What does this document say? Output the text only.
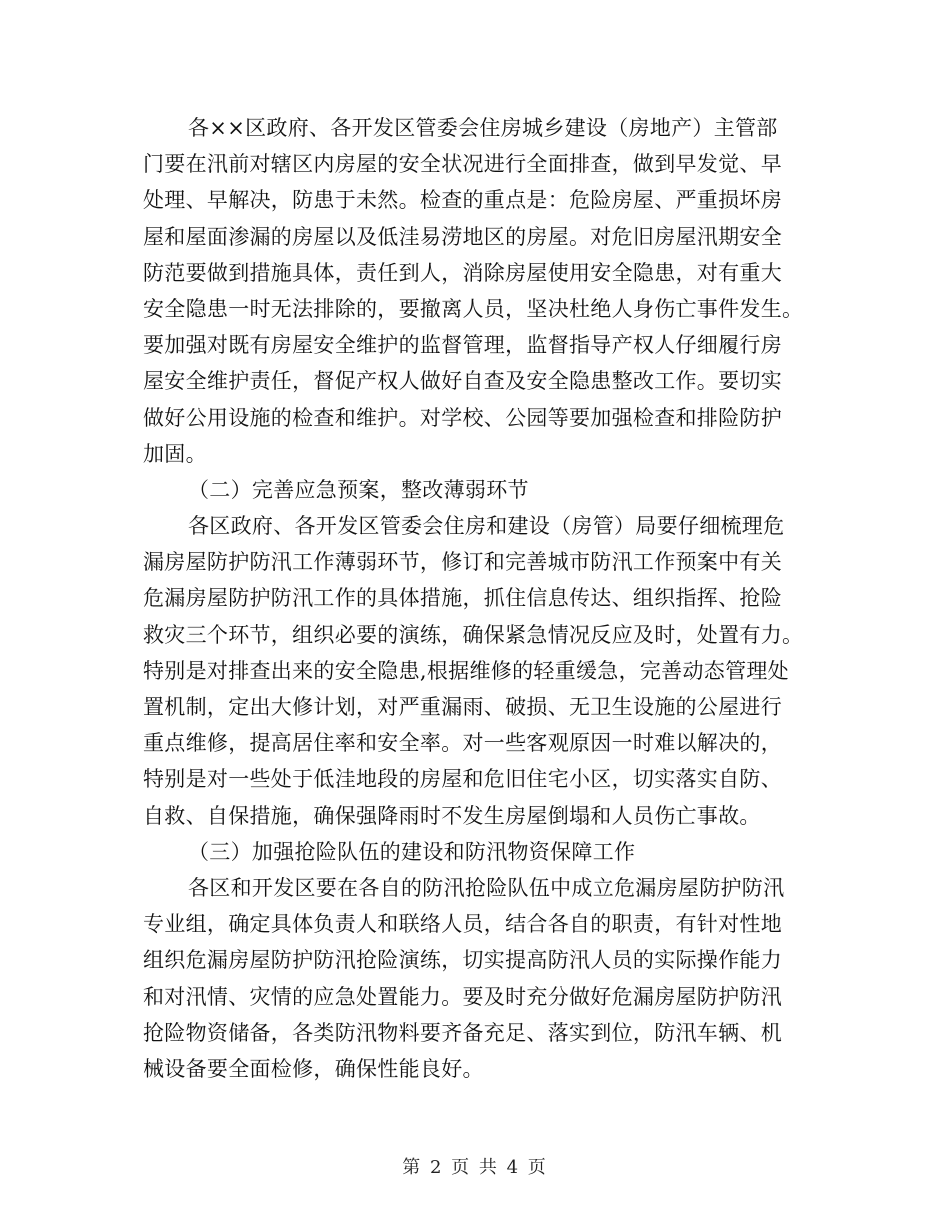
各××区政府、各开发区管委会住房城乡建设（房地产）主管部
门要在汛前对辖区内房屋的安全状况进行全面排查，做到早发觉、早
处理、早解决，防患于未然。检查的重点是：危险房屋、严重损坏房
屋和屋面渗漏的房屋以及低洼易涝地区的房屋。对危旧房屋汛期安全
防范要做到措施具体，责任到人，消除房屋使用安全隐患，对有重大
安全隐患一时无法排除的，要撤离人员，坚决杜绝人身伤亡事件发生。
要加强对既有房屋安全维护的监督管理，监督指导产权人仔细履行房
屋安全维护责任，督促产权人做好自查及安全隐患整改工作。要切实
做好公用设施的检查和维护。对学校、公园等要加强检查和排险防护
加固。
（二）完善应急预案，整改薄弱环节
各区政府、各开发区管委会住房和建设（房管）局要仔细梳理危
漏房屋防护防汛工作薄弱环节，修订和完善城市防汛工作预案中有关
危漏房屋防护防汛工作的具体措施，抓住信息传达、组织指挥、抢险
救灾三个环节，组织必要的演练，确保紧急情况反应及时，处置有力。
特别是对排查出来的安全隐患,根据维修的轻重缓急，完善动态管理处
置机制，定出大修计划，对严重漏雨、破损、无卫生设施的公屋进行
重点维修，提高居住率和安全率。对一些客观原因一时难以解决的，
特别是对一些处于低洼地段的房屋和危旧住宅小区，切实落实自防、
自救、自保措施，确保强降雨时不发生房屋倒塌和人员伤亡事故。
（三）加强抢险队伍的建设和防汛物资保障工作
各区和开发区要在各自的防汛抢险队伍中成立危漏房屋防护防汛
专业组，确定具体负责人和联络人员，结合各自的职责，有针对性地
组织危漏房屋防护防汛抢险演练，切实提高防汛人员的实际操作能力
和对汛情、灾情的应急处置能力。要及时充分做好危漏房屋防护防汛
抢险物资储备，各类防汛物料要齐备充足、落实到位，防汛车辆、机
械设备要全面检修，确保性能良好。
第 2 页 共 4 页
